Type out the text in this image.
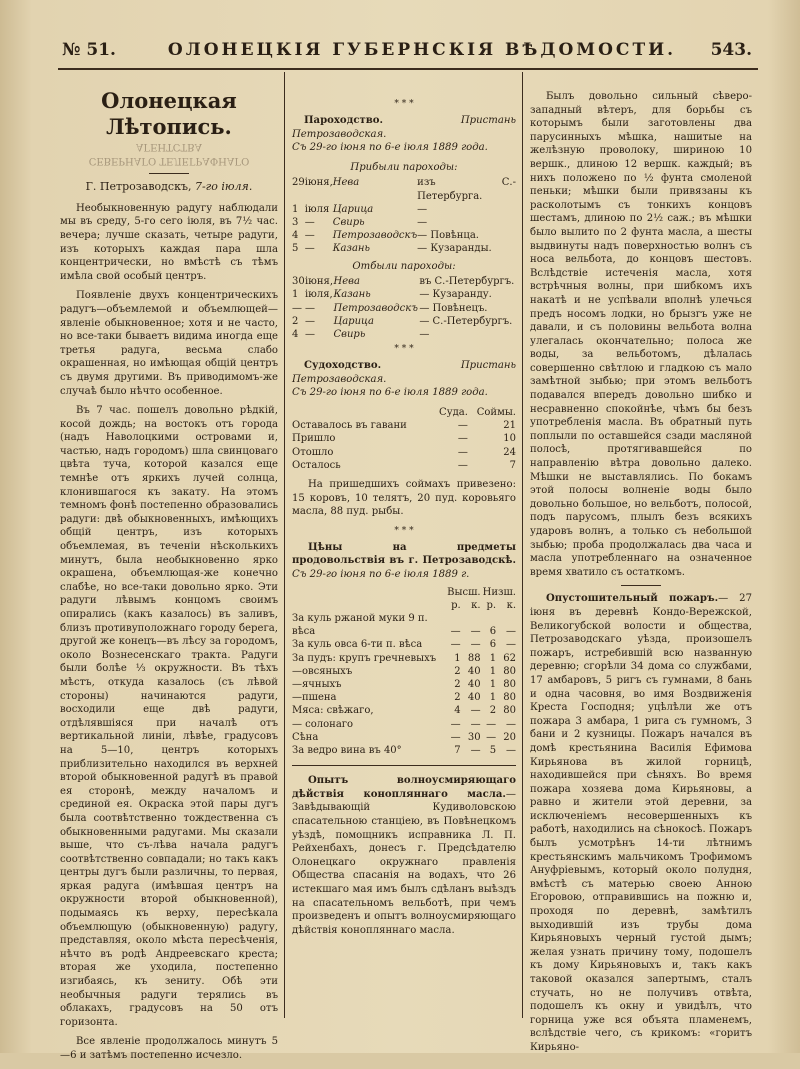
№ 51.	ОЛОНЕЦКIЯ ГУБЕРНСКIЯ ВѢДОМОСТИ.	543.
Олонецкая Лѣтопись.
СЕВЕРНАГО ТЕЛЕГРАФНАГО АГЕНТСТВА

Г. Петрозаводскъ, 7-го iюля.

Необыкновенную радугу наблюдали мы въ среду, 5-го сего iюля, въ 7½ час. вечера; лучше сказать, четыре радуги, изъ которыхъ каждая пара шла концентрически, но вмѣстѣ съ тѣмъ имѣла свой особый центръ.

Появленiе двухъ концентрическихъ радугъ—объемлемой и объемлющей—явленiе обыкновенное; хотя и не часто, но все-таки бываетъ видима иногда еще третья радуга, весьма слабо окрашенная, но имѣющая общiй центръ съ двумя другими. Въ приводимомъ-же случаѣ было нѣчто особенное.

Въ 7 час. пошелъ довольно рѣдкiй, косой дождь; на востокъ отъ города (надъ Наволоцкими островами и, частью, надъ городомъ) шла свинцоваго цвѣта туча, которой казался еще темнѣе отъ яркихъ лучей солнца, клонившагося къ закату. На этомъ темномъ фонѣ постепенно образовались радуги: двѣ обыкновенныхъ, имѣющихъ общiй центръ, изъ которыхъ объемлемая, въ теченiи нѣсколькихъ минутъ, была необыкновенно ярко окрашена, объемлющая-же конечно слабѣе, но все-таки довольно ярко. Эти радуги лѣвымъ концомъ своимъ опирались (какъ казалось) въ заливъ, близъ противуположнаго городу берега, другой же конецъ—въ лѣсу за городомъ, около Вознесенскаго тракта. Радуги были болѣе ⅓ окружности. Въ тѣхъ мѣстъ, откуда казалось (съ лѣвой стороны) начинаются радуги, восходили еще двѣ радуги, отдѣлявшiяся при началѣ отъ вертикальной линiи, лѣвѣе, градусовъ на 5—10, центръ которыхъ приблизительно находился въ верхней второй обыкновенной радугѣ въ правой ея сторонѣ, между началомъ и срединой ея. Окраска этой пары дугъ была соотвѣтственно тождественна съ обыкновенными радугами. Мы сказали выше, что съ-лѣва начала радугъ соотвѣтственно совпадали; но такъ какъ центры дугъ были различны, то первая, яркая радуга (имѣвшая центръ на окружности второй обыкновенной), подымаясь къ верху, пересѣкала объемлющую (обыкновенную) радугу, представляя, около мѣста пересѣченiя, нѣчто въ родѣ Андреевскаго креста; вторая же уходила, постепенно изгибаясь, къ зениту. Обѣ эти необычныя радуги терялись въ облакахъ, градусовъ на 50 отъ горизонта.

Все явленiе продолжалось минутъ 5—6 и затѣмъ постепенно исчезло.

* * *

Пароходство.	Пристань Петрозаводская.

Съ 29-го iюня по 6-е iюля 1889 года.

Прибыли пароходы:

29	iюня,	Нева	изъ С.-Петербурга.
1	iюля	Царица	—
3	—	Свирь	—
4	—	Петрозаводскъ	— Повѣнца.
5	—	Казань	— Кузаранды.

Отбыли пароходы:

30	iюня,	Нева	въ С.-Петербургъ.
1	iюля,	Казань	— Кузаранду.
—	—	Петрозаводскъ	— Повѣнецъ.
2	—	Царица	— С.-Петербургъ.
4	—	Свирь	—
* * *

Судоходство.	Пристань Петрозаводская.

Съ 29-го iюня по 6-е iюля 1889 года.

	Суда.	Соймы.
Оставалось въ гавани	—	21
Пришло	—	10
Отошло	—	24
Осталось	—	7

На пришедшихъ соймахъ привезено: 15 коровъ, 10 телятъ, 20 пуд. коровьяго масла, 88 пуд. рыбы.

* * *

Цѣны на предметы продовольствiя въ г. Петрозаводскѣ. Съ 29-го iюня по 6-е iюля 1889 г.

	Высш.		Низш.	
	р.	к.	р.	к.
За куль ржаной муки 9 п.				
вѣса	—	—	6	—
За куль овса 6-ти п. вѣса	—	—	6	—
За пудъ: крупъ гречневыхъ	1	88	1	62
—овсяныхъ	2	40	1	80
—ячныхъ	2	40	1	80
—пшена	2	40	1	80
Мяса: свѣжаго,	4	—	2	80
— солонаго	—	—	—	—
Сѣна	—	30	—	20
За ведро вина въ 40°	7	—	5	—

Опытъ волноусмиряющаго дѣйствiя конопляннаго масла.—Завѣдывающiй Кудиволовскою спасательною станцiею, въ Повѣнецкомъ уѣздѣ, помощникъ исправника Л. П. Рейхенбахъ, донесъ г. Предсѣдателю Олонецкаго окружнаго правленiя Общества спасанiя на водахъ, что 26 истекшаго мая имъ былъ сдѣланъ выѣздъ на спасательномъ вельботѣ, при чемъ произведенъ и опытъ волноусмиряющаго дѣйствiя конопляннаго масла.

Былъ довольно сильный сѣверо-западный вѣтеръ, для борьбы съ которымъ были заготовлены два парусинныхъ мѣшка, нашитые на желѣзную проволоку, шириною 10 вершк., длиною 12 вершк. каждый; въ нихъ положено по ½ фунта смоленой пеньки; мѣшки были привязаны къ расколотымъ съ тонкихъ концовъ шестамъ, длиною по 2½ саж.; въ мѣшки было вылито по 2 фунта масла, а шесты выдвинуты надъ поверхностью волнъ съ носа вельбота, до концовъ шестовъ. Вслѣдствiе истеченiя масла, хотя встрѣчныя волны, при шибкомъ ихъ накатѣ и не успѣвали вполнѣ улечься предъ носомъ лодки, но брызгъ уже не давали, и съ половины вельбота волна улегалась окончательно; полоса же воды, за вельботомъ, дѣлалась совершенно свѣтлою и гладкою съ мало замѣтной зыбью; при этомъ вельботъ подавался впередъ довольно шибко и несравненно спокойнѣе, чѣмъ бы безъ употребленiя масла. Въ обратный путь поплыли по оставшейся сзади масляной полосѣ, протягивавшейся по направленiю вѣтра довольно далеко. Мѣшки не выставлялись. По бокамъ этой полосы волненiе воды было довольно большое, но вельботъ, полосой, подъ парусомъ, плылъ безъ всякихъ ударовъ волнъ, а только съ небольшой зыбью; проба продолжалась два часа и масла употребленнаго на означенное время хватило съ остаткомъ.

Опустошительный пожаръ.— 27 iюня въ деревнѣ Кондо-Вережской, Великогубской волости и общества, Петрозаводскаго уѣзда, произошелъ пожаръ, истребившiй всю названную деревню; сгорѣли 34 дома со службами, 17 амбаровъ, 5 ригъ съ гумнами, 8 бань и одна часовня, во имя Воздвиженiя Креста Господня; уцѣлѣли же отъ пожара 3 амбара, 1 рига съ гумномъ, 3 бани и 2 кузницы. Пожаръ начался въ домѣ крестьянина Василiя Ефимова Кирьянова въ жилой горницѣ, находившейся при сѣняхъ. Во время пожара хозяева дома Кирьяновы, а равно и жители этой деревни, за исключенiемъ несовершенныхъ къ работѣ, находились на сѣнокосѣ. Пожаръ былъ усмотрѣнъ 14-ти лѣтнимъ крестьянскимъ мальчикомъ Трофимомъ Ануфрiевымъ, который около полудня, вмѣстѣ съ матерью своею Анною Егоровою, отправившись на пожню и, проходя по деревнѣ, замѣтилъ выходившiй изъ трубы дома Кирьяновыхъ черный густой дымъ; желая узнать причину тому, подошелъ къ дому Кирьяновыхъ и, такъ какъ таковой оказался запертымъ, сталъ стучать, но не получивъ отвѣта, подошелъ къ окну и увидѣлъ, что горница уже вся объята пламенемъ, вслѣдствiе чего, съ крикомъ: «горитъ Кирьяно-
